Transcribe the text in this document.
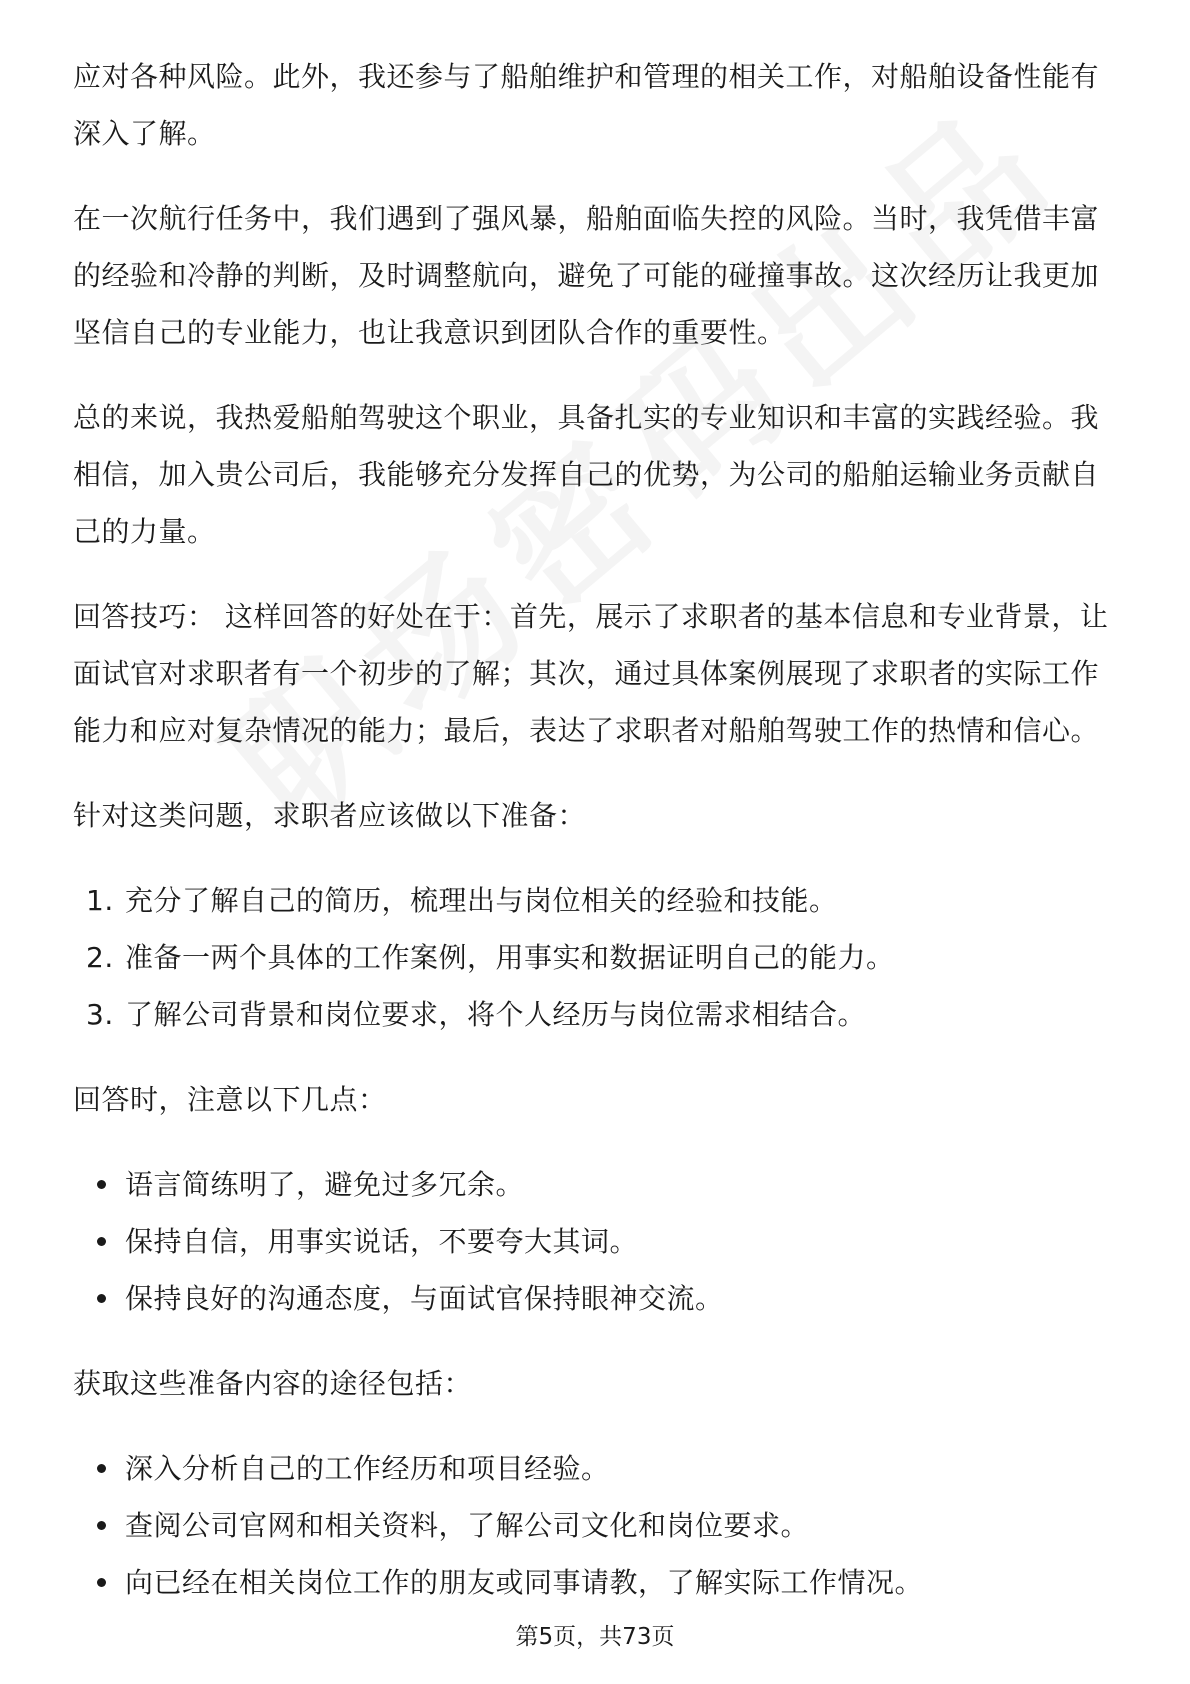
应对各种风险。此外，我还参与了船舶维护和管理的相关工作，对船舶设备性能有深入了解。

在一次航行任务中，我们遇到了强风暴，船舶面临失控的风险。当时，我凭借丰富的经验和冷静的判断，及时调整航向，避免了可能的碰撞事故。这次经历让我更加坚信自己的专业能力，也让我意识到团队合作的重要性。

总的来说，我热爱船舶驾驶这个职业，具备扎实的专业知识和丰富的实践经验。我相信，加入贵公司后，我能够充分发挥自己的优势，为公司的船舶运输业务贡献自己的力量。

回答技巧： 这样回答的好处在于：首先，展示了求职者的基本信息和专业背景，让面试官对求职者有一个初步的了解；其次，通过具体案例展现了求职者的实际工作能力和应对复杂情况的能力；最后，表达了求职者对船舶驾驶工作的热情和信心。

针对这类问题，求职者应该做以下准备：

1. 充分了解自己的简历，梳理出与岗位相关的经验和技能。
2. 准备一两个具体的工作案例，用事实和数据证明自己的能力。
3. 了解公司背景和岗位要求，将个人经历与岗位需求相结合。

回答时，注意以下几点：

语言简练明了，避免过多冗余。
保持自信，用事实说话，不要夸大其词。
保持良好的沟通态度，与面试官保持眼神交流。

获取这些准备内容的途径包括：

深入分析自己的工作经历和项目经验。
查阅公司官网和相关资料，了解公司文化和岗位要求。
向已经在相关岗位工作的朋友或同事请教，了解实际工作情况。
第5页，共73页
